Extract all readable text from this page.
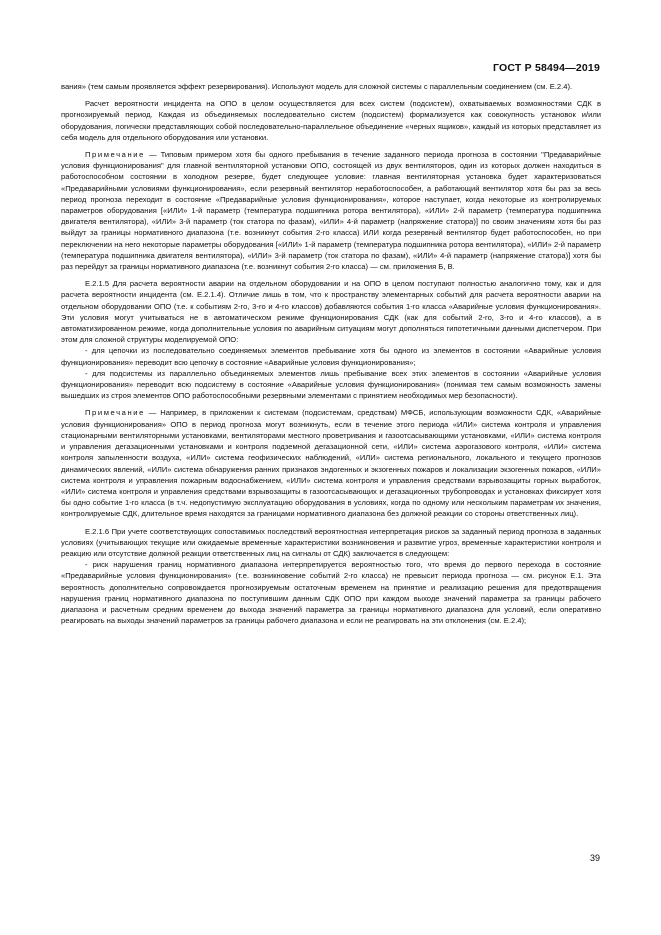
ГОСТ Р 58494—2019

вания» (тем самым проявляется эффект резервирования). Используют модель для сложной системы с параллельным соединением (см. Е.2.4).

Расчет вероятности инцидента на ОПО в целом осуществляется для всех систем (подсистем), охватываемых возможностями СДК в прогнозируемый период. Каждая из объединяемых последовательно систем (подсистем) формализуется как совокупность установок и/или оборудования, логически представляющих собой последовательно-параллельное объединение «черных ящиков», каждый из которых представляет из себя модель для отдельного оборудования или установки.

Примечание — Типовым примером хотя бы одного пребывания в течение заданного периода прогноза в состоянии "Предаварийные условия функционирования" для главной вентиляторной установки ОПО, состоящей из двух вентиляторов, один из которых должен находиться в работоспособном состоянии в холодном резерве, будет следующее условие: главная вентиляторная установка будет характеризоваться «Предаварийными условиями функционирования», если резервный вентилятор неработоспособен, а работающий вентилятор хотя бы раз за весь период прогноза переходит в состояние «Предаварийные условия функционирования», которое наступает, когда некоторые из контролируемых параметров оборудования [«ИЛИ» 1-й параметр (температура подшипника ротора вентилятора), «ИЛИ» 2-й параметр (температура подшипника двигателя вентилятора), «ИЛИ» 3-й параметр (ток статора по фазам), «ИЛИ» 4-й параметр (напряжение статора)] по своим значениям хотя бы раз выйдут за границы нормативного диапазона (т.е. возникнут события 2-го класса) ИЛИ когда резервный вентилятор будет работоспособен, но при переключении на него некоторые параметры оборудования [«ИЛИ» 1-й параметр (температура подшипника ротора вентилятора), «ИЛИ» 2-й параметр (температура подшипника двигателя вентилятора), «ИЛИ» 3-й параметр (ток статора по фазам), «ИЛИ» 4-й параметр (напряжение статора)] хотя бы раз перейдут за границы нормативного диапазона (т.е. возникнут события 2-го класса) — см. приложения Б, В.

Е.2.1.5 Для расчета вероятности аварии на отдельном оборудовании и на ОПО в целом поступают полностью аналогично тому, как и для расчета вероятности инцидента (см. Е.2.1.4). Отличие лишь в том, что к пространству элементарных событий для расчета вероятности аварии на отдельном оборудовании ОПО (т.е. к событиям 2-го, 3-го и 4-го классов) добавляются события 1-го класса «Аварийные условия функционирования». Эти условия могут учитываться не в автоматическом режиме функционирования СДК (как для событий 2-го, 3-го и 4-го классов), а в автоматизированном режиме, когда дополнительные условия по аварийным ситуациям могут дополняться гипотетичными данными диспетчером. При этом для сложной структуры моделируемой ОПО:

- для цепочки из последовательно соединяемых элементов пребывание хотя бы одного из элементов в состоянии «Аварийные условия функционирования» переводит всю цепочку в состояние «Аварийные условия функционирования»;

- для подсистемы из параллельно объединяемых элементов лишь пребывание всех этих элементов в состоянии «Аварийные условия функционирования» переводит всю подсистему в состояние «Аварийные условия функционирования» (понимая тем самым возможность замены вышедших из строя элементов ОПО работоспособными резервными элементами с принятием необходимых мер безопасности).

Примечание — Например, в приложении к системам (подсистемам, средствам) МФСБ, использующим возможности СДК, «Аварийные условия функционирования» ОПО в период прогноза могут возникнуть, если в течение этого периода «ИЛИ» система контроля и управления стационарными вентиляторными установками, вентиляторами местного проветривания и газоотсасывающими установками, «ИЛИ» система контроля и управления дегазационными установками и контроля подземной дегазационной сети, «ИЛИ» система аэрогазового контроля, «ИЛИ» система контроля запыленности воздуха, «ИЛИ» система геофизических наблюдений, «ИЛИ» система регионального, локального и текущего прогнозов динамических явлений, «ИЛИ» система обнаружения ранних признаков эндогенных и экзогенных пожаров и локализации экзогенных пожаров, «ИЛИ» система контроля и управления пожарным водоснабжением, «ИЛИ» система контроля и управления средствами взрывозащиты горных выработок, «ИЛИ» система контроля и управления средствами взрывозащиты в газоотсасывающих и дегазационных трубопроводах и установках фиксирует хотя бы одно событие 1-го класса (в т.ч. недопустимую эксплуатацию оборудования в условиях, когда по одному или нескольким параметрам их значения, контролируемые СДК, длительное время находятся за границами нормативного диапазона без должной реакции со стороны ответственных лиц).

Е.2.1.6 При учете соответствующих сопоставимых последствий вероятностная интерпретация рисков за заданный период прогноза в заданных условиях (учитывающих текущие или ожидаемые временные характеристики возникновения и развитие угроз, временные характеристики контроля и реакцию или отсутствие должной реакции ответственных лиц на сигналы от СДК) заключается в следующем:

- риск нарушения границ нормативного диапазона интерпретируется вероятностью того, что время до первого перехода в состояние «Предаварийные условия функционирования» (т.е. возникновение событий 2-го класса) не превысит периода прогноза — см. рисунок Е.1. Эта вероятность дополнительно сопровождается прогнозируемым остаточным временем на принятие и реализацию решения для предотвращения нарушения границ нормативного диапазона по поступившим данным СДК ОПО при каждом выходе значений параметра за границы рабочего диапазона и расчетным средним временем до выхода значений параметра за границы нормативного диапазона для условий, если оперативно реагировать на выходы значений параметров за границы рабочего диапазона и если не реагировать на эти отклонения (см. Е.2.4);

39
